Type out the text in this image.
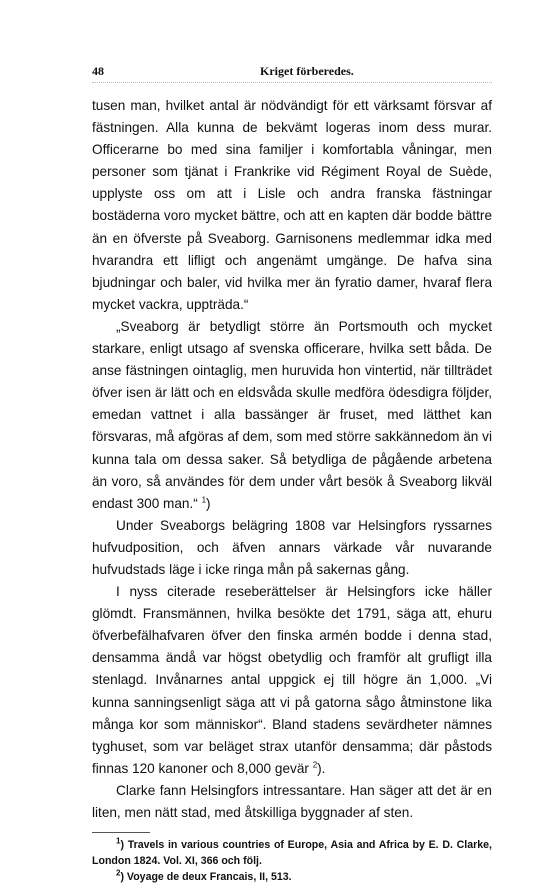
48	Kriget förberedes.

tusen man, hvilket antal är nödvändigt för ett värksamt försvar af fästningen. Alla kunna de bekvämt logeras inom dess murar. Officerarne bo med sina familjer i komfortabla våningar, men personer som tjänat i Frankrike vid Régiment Royal de Suède, upplyste oss om att i Lisle och andra franska fästningar bostäderna voro mycket bättre, och att en kapten där bodde bättre än en öfverste på Sveaborg. Garnisonens medlemmar idka med hvarandra ett lifligt och angenämt umgänge. De hafva sina bjudningar och baler, vid hvilka mer än fyratio damer, hvaraf flera mycket vackra, uppträda.“

„Sveaborg är betydligt större än Portsmouth och mycket starkare, enligt utsago af svenska officerare, hvilka sett båda. De anse fästningen ointaglig, men huruvida hon vintertid, när tillträdet öfver isen är lätt och en eldsvåda skulle medföra ödesdigra följder, emedan vattnet i alla bassänger är fruset, med lätthet kan försvaras, må afgöras af dem, som med större sakkännedom än vi kunna tala om dessa saker. Så betydliga de pågående arbetena än voro, så användes för dem under vårt besök å Sveaborg likväl endast 300 man.“ $^1$)

Under Sveaborgs belägring 1808 var Helsingfors ryssarnes hufvudposition, och äfven annars värkade vår nuvarande hufvudstads läge i icke ringa mån på sakernas gång.

I nyss citerade reseberättelser är Helsingfors icke häller glömdt. Fransmännen, hvilka besökte det 1791, säga att, ehuru öfverbefälhafvaren öfver den finska armén bodde i denna stad, densamma ändå var högst obetydlig och framför alt grufligt illa stenlagd. Invånarnes antal uppgick ej till högre än 1,000. „Vi kunna sanningsenligt säga att vi på gatorna sågo åtminstone lika många kor som människor“. Bland stadens sevärdheter nämnes tyghuset, som var beläget strax utanför densamma; där påstods finnas 120 kanoner och 8,000 gevär $^2$).

Clarke fann Helsingfors intressantare. Han säger att det är en liten, men nätt stad, med åtskilliga byggnader af sten.

$^1$) Travels in various countries of Europe, Asia and Africa by E. D. Clarke, London 1824. Vol. XI, 366 och följ.

$^2$) Voyage de deux Francais, II, 513.
